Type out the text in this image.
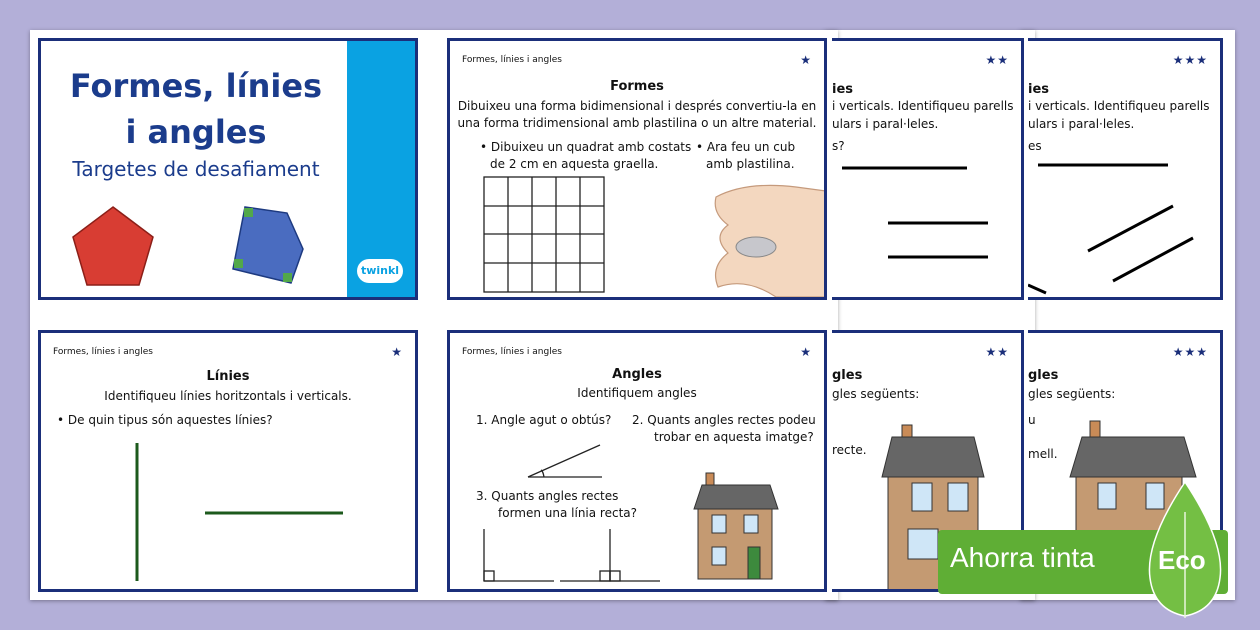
★★★
ies
i verticals. Identifiqueu parells
ulars i paral·leles.
es
★★★
gles
gles següents:
u
mell.
★★
ies
i verticals. Identifiqueu parells
ulars i paral·leles.
s?
★★
gles
gles següents:
recte.
Formes, línies
i angles
Targetes de desafiament
twinkl
Formes, línies i angles	★
Formes
Dibuixeu una forma bidimensional i després convertiu-la en
una forma tridimensional amb plastilina o un altre material.
• Dibuixeu un quadrat amb costats
de 2 cm en aquesta graella.
• Ara feu un cub
amb plastilina.
Formes, línies i angles	★
Línies
Identifiqueu línies horitzontals i verticals.
• De quin tipus són aquestes línies?
Formes, línies i angles	★
Angles
Identifiquem angles
1. Angle agut o obtús? 2. Quants angles rectes podeu
trobar en aquesta imatge?
3. Quants angles rectes
formen una línia recta?
Ahorra tinta Eco
